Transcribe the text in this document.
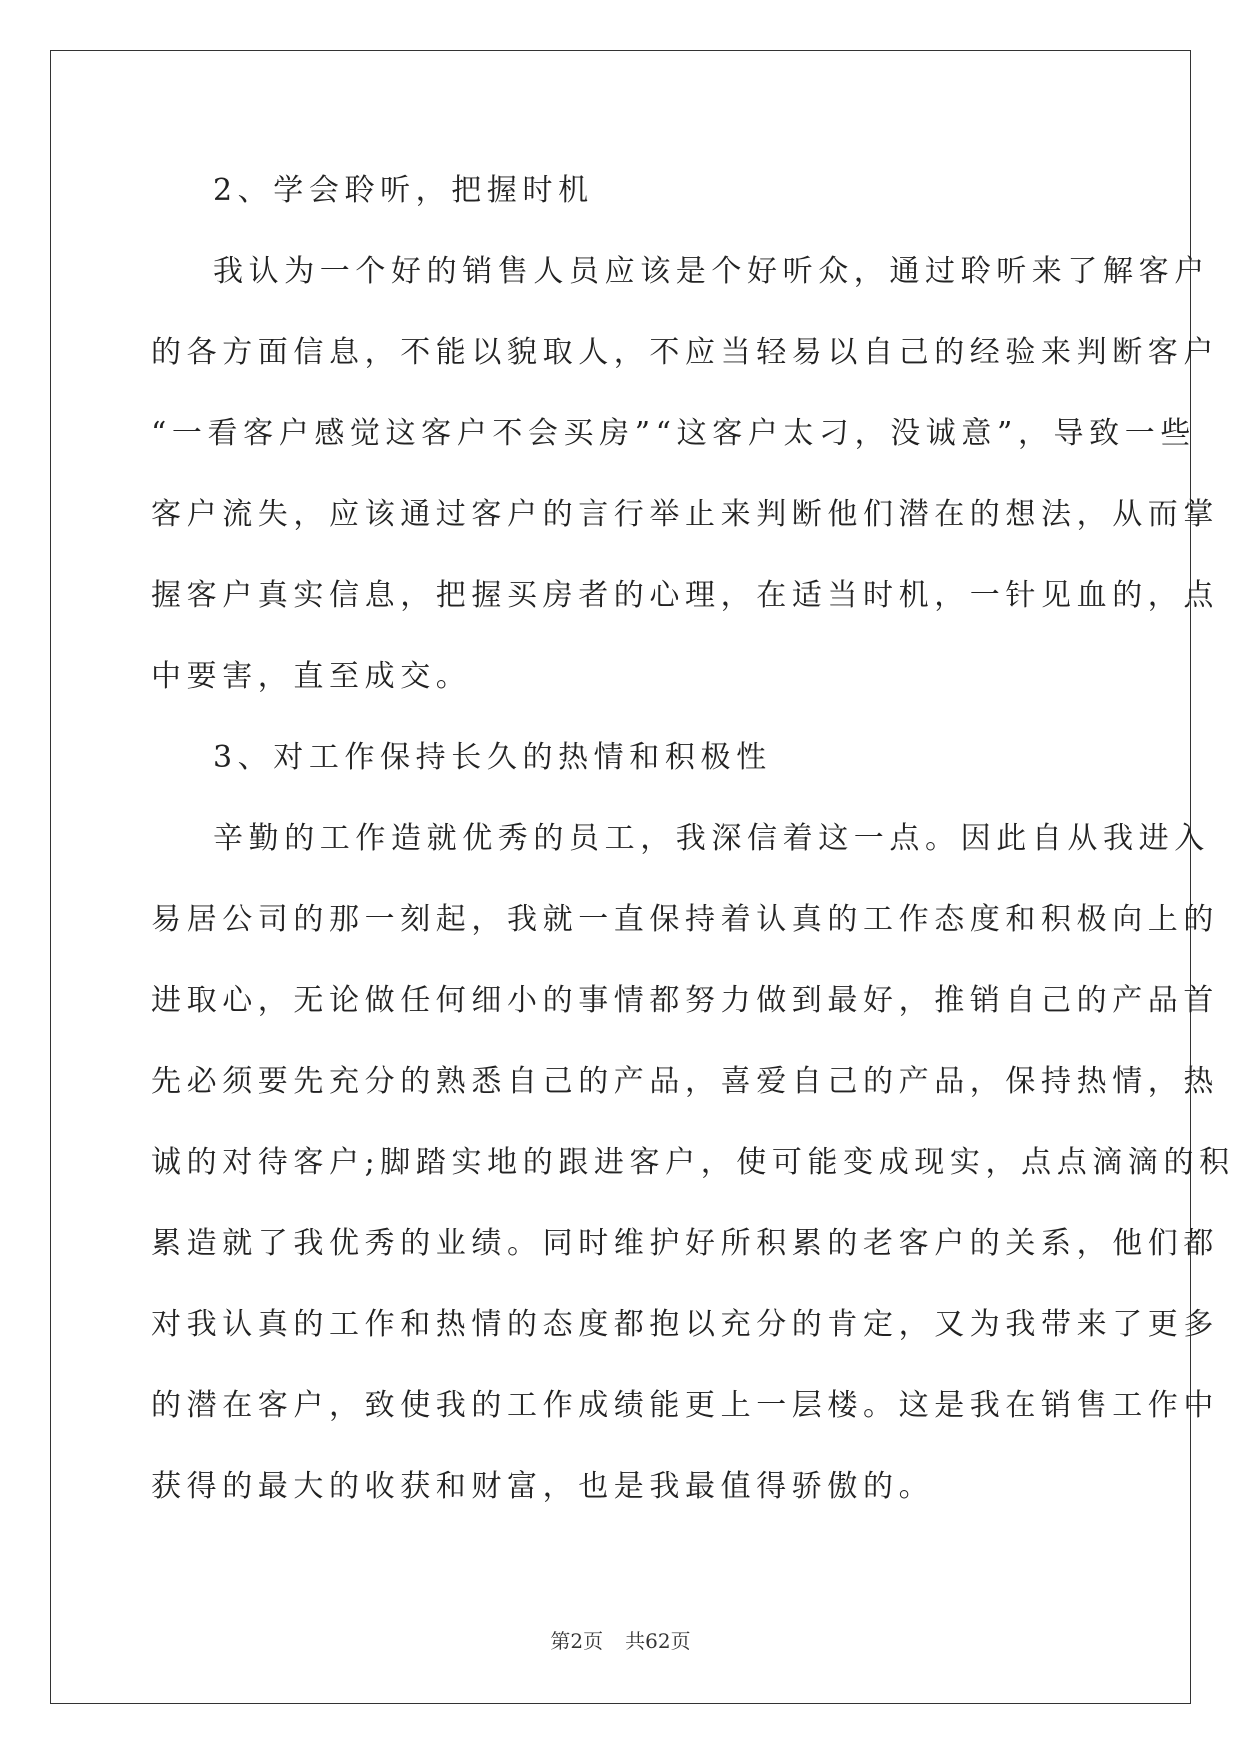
2、学会聆听，把握时机
我认为一个好的销售人员应该是个好听众，通过聆听来了解客户
的各方面信息，不能以貌取人，不应当轻易以自己的经验来判断客户
“一看客户感觉这客户不会买房”“这客户太刁，没诚意”，导致一些
客户流失，应该通过客户的言行举止来判断他们潜在的想法，从而掌
握客户真实信息，把握买房者的心理，在适当时机，一针见血的，点
中要害，直至成交。
3、对工作保持长久的热情和积极性
辛勤的工作造就优秀的员工，我深信着这一点。因此自从我进入
易居公司的那一刻起，我就一直保持着认真的工作态度和积极向上的
进取心，无论做任何细小的事情都努力做到最好，推销自己的产品首
先必须要先充分的熟悉自己的产品，喜爱自己的产品，保持热情，热
诚的对待客户;脚踏实地的跟进客户，使可能变成现实，点点滴滴的积
累造就了我优秀的业绩。同时维护好所积累的老客户的关系，他们都
对我认真的工作和热情的态度都抱以充分的肯定，又为我带来了更多
的潜在客户，致使我的工作成绩能更上一层楼。这是我在销售工作中
获得的最大的收获和财富，也是我最值得骄傲的。
第2页 共62页
